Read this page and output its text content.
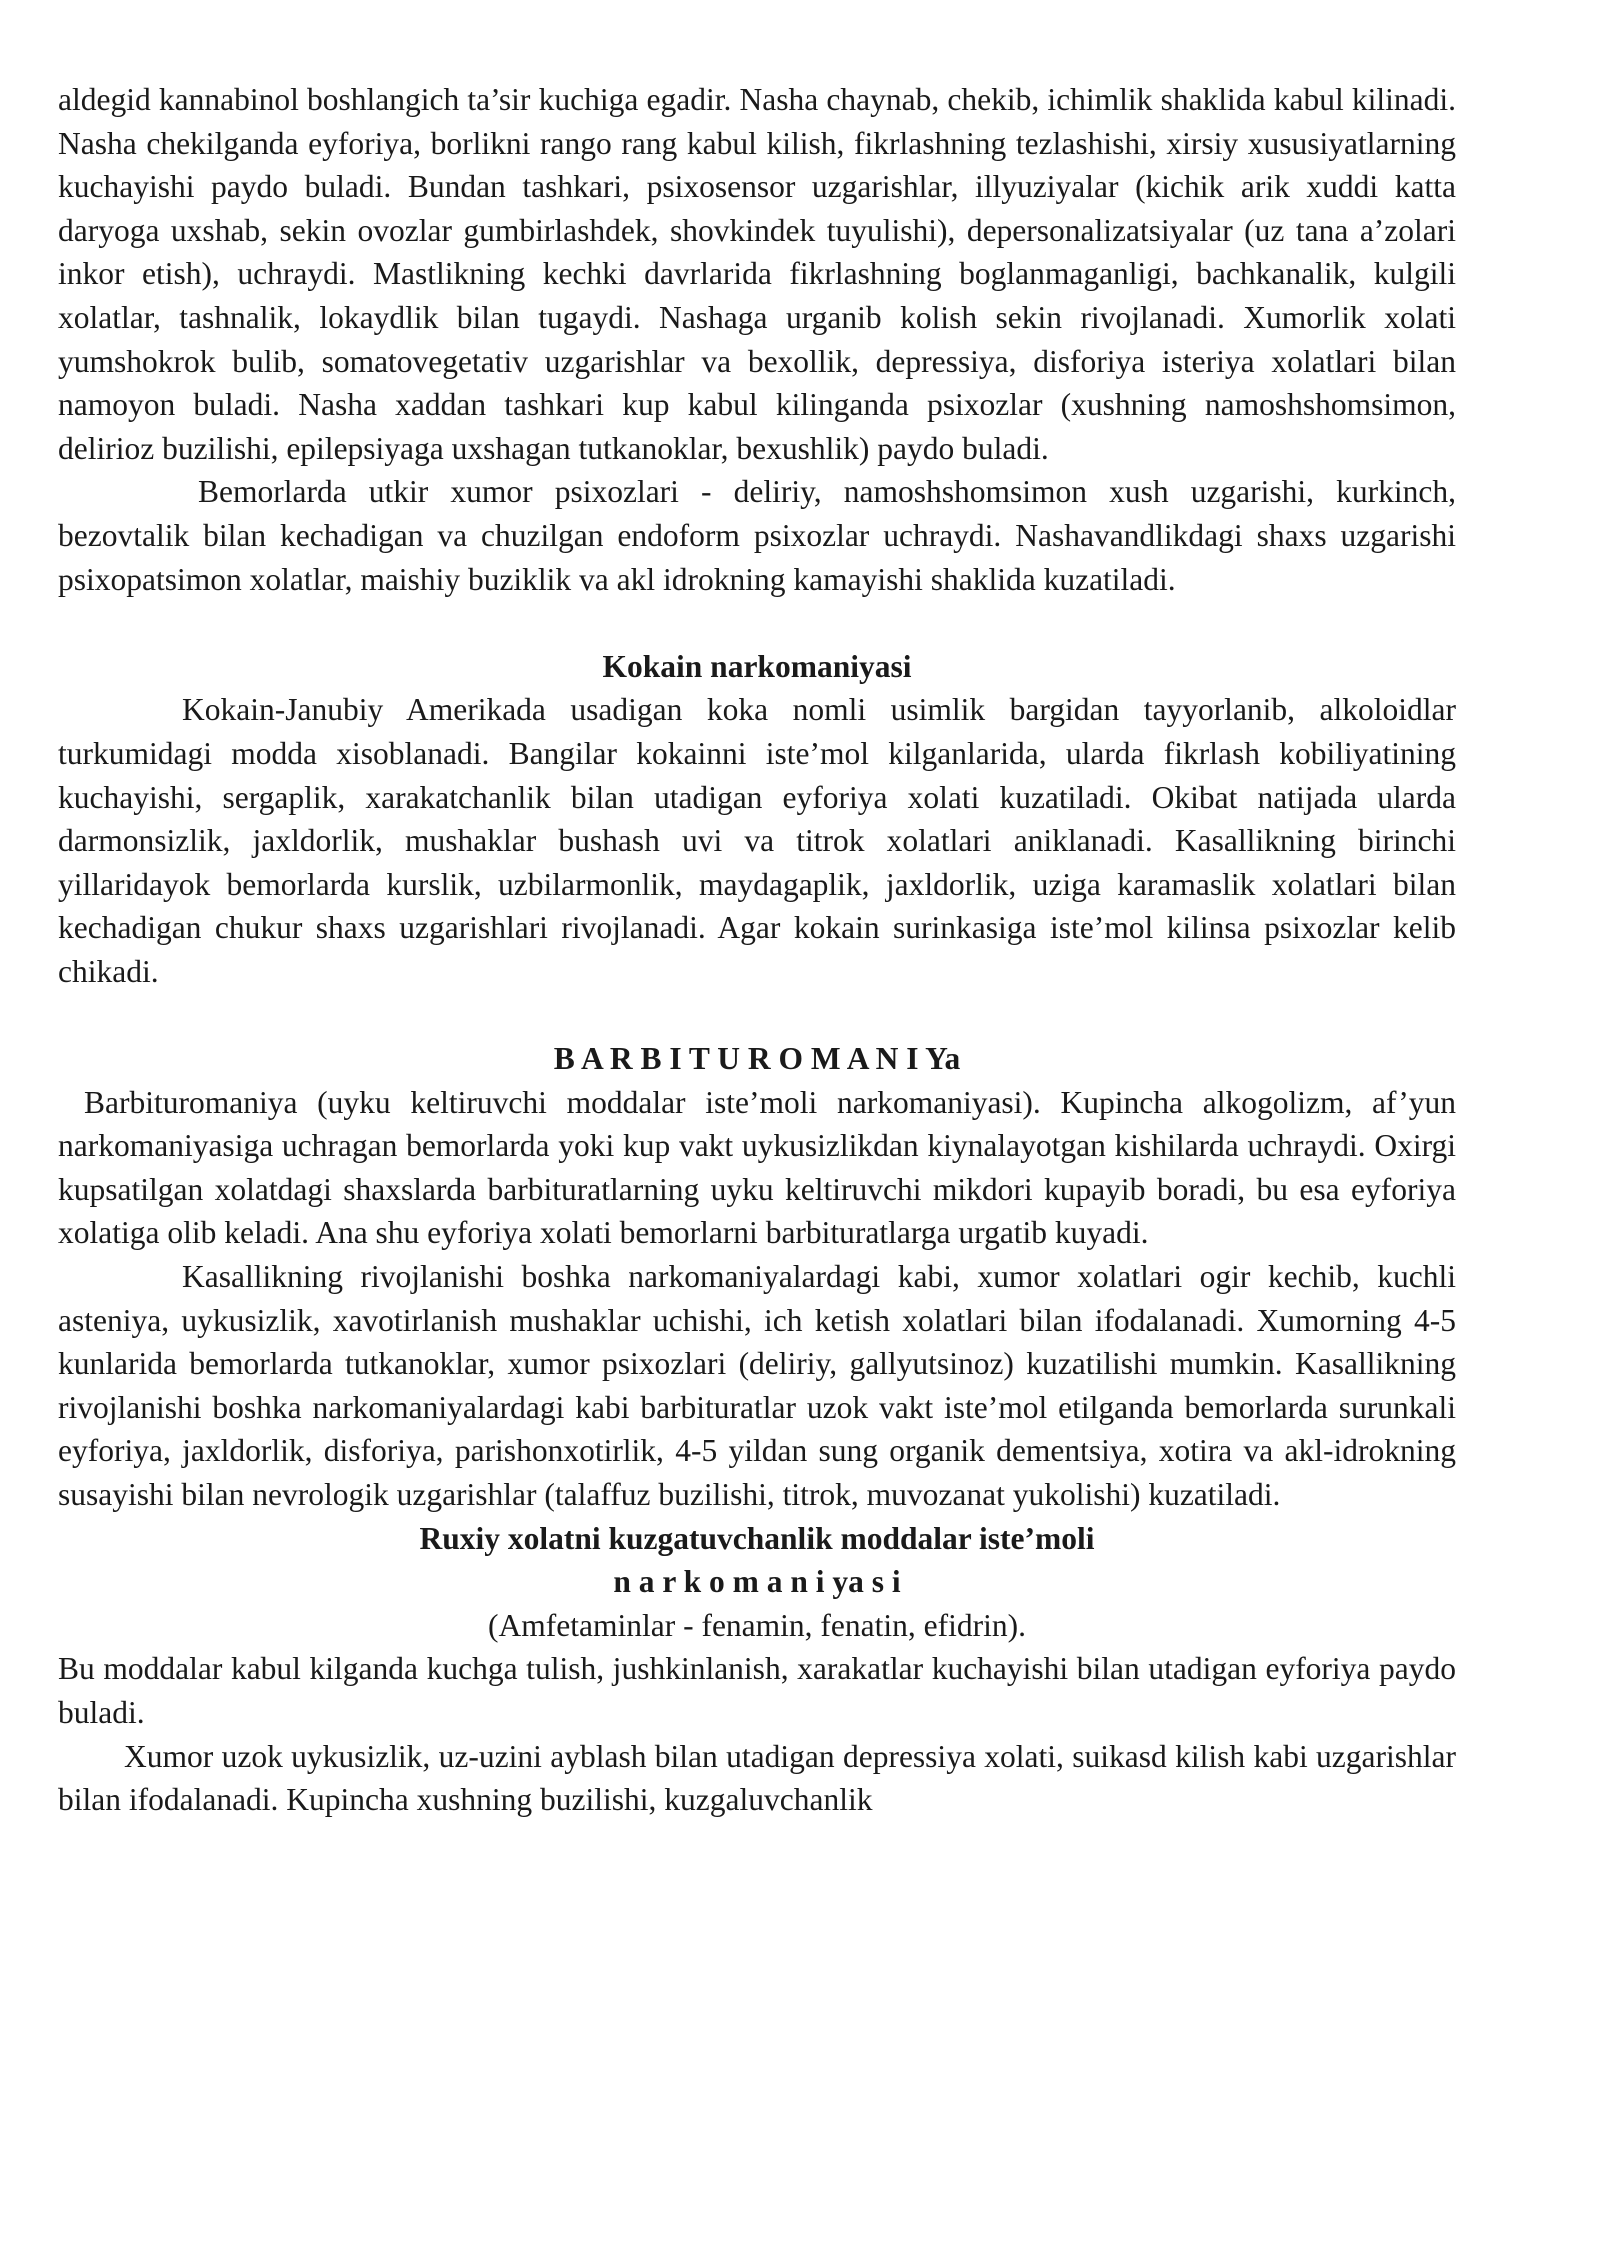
aldegid kannabinol boshlangich ta’sir kuchiga egadir. Nasha chaynab, chekib, ichimlik shaklida kabul kilinadi. Nasha chekilganda eyforiya, borlikni rango rang kabul kilish, fikrlashning tezlashishi, xirsiy xususiyatlarning kuchayishi paydo buladi. Bundan tashkari, psixosensor uzgarishlar, illyuziyalar (kichik arik xuddi katta daryoga uxshab, sekin ovozlar gumbirlashdek, shovkindek tuyulishi), depersonalizatsiyalar (uz tana a’zolari inkor etish), uchraydi. Mastlikning kechki davrlarida fikrlashning boglanmaganligi, bachkanalik, kulgili xolatlar, tashnalik, lokaydlik bilan tugaydi. Nashaga urganib kolish sekin rivojlanadi. Xumorlik xolati yumshokrok bulib, somatovegetativ uzgarishlar va bexollik, depressiya, disforiya isteriya xolatlari bilan namoyon buladi. Nasha xaddan tashkari kup kabul kilinganda psixozlar (xushning namoshshomsimon, delirioz buzilishi, epilepsiyaga uxshagan tutkanoklar, bexushlik) paydo buladi.

Bemorlarda utkir xumor psixozlari - deliriy, namoshshomsimon xush uzgarishi, kurkinch, bezovtalik bilan kechadigan va chuzilgan endoform psixozlar uchraydi. Nashavandlikdagi shaxs uzgarishi psixopatsimon xolatlar, maishiy buziklik va akl idrokning kamayishi shaklida kuzatiladi.

Kokain narkomaniyasi

Kokain-Janubiy Amerikada usadigan koka nomli usimlik bargidan tayyorlanib, alkoloidlar turkumidagi modda xisoblanadi. Bangilar kokainni iste’mol kilganlarida, ularda fikrlash kobiliyatining kuchayishi, sergaplik, xarakatchanlik bilan utadigan eyforiya xolati kuzatiladi. Okibat natijada ularda darmonsizlik, jaxldorlik, mushaklar bushash uvi va titrok xolatlari aniklanadi. Kasallikning birinchi yillaridayok bemorlarda kurslik, uzbilarmonlik, maydagaplik, jaxldorlik, uziga karamaslik xolatlari bilan kechadigan chukur shaxs uzgarishlari rivojlanadi. Agar kokain surinkasiga iste’mol kilinsa psixozlar kelib chikadi.

B A R B I T U R O M A N I Ya

Barbituromaniya (uyku keltiruvchi moddalar iste’moli narkomaniyasi). Kupincha alkogolizm, af’yun narkomaniyasiga uchragan bemorlarda yoki kup vakt uykusizlikdan kiynalayotgan kishilarda uchraydi. Oxirgi kupsatilgan xolatdagi shaxslarda barbituratlarning uyku keltiruvchi mikdori kupayib boradi, bu esa eyforiya xolatiga olib keladi. Ana shu eyforiya xolati bemorlarni barbituratlarga urgatib kuyadi.

Kasallikning rivojlanishi boshka narkomaniyalardagi kabi, xumor xolatlari ogir kechib, kuchli asteniya, uykusizlik, xavotirlanish mushaklar uchishi, ich ketish xolatlari bilan ifodalanadi. Xumorning 4-5 kunlarida bemorlarda tutkanoklar, xumor psixozlari (deliriy, gallyutsinoz) kuzatilishi mumkin. Kasallikning rivojlanishi boshka narkomaniyalardagi kabi barbituratlar uzok vakt iste’mol etilganda bemorlarda surunkali eyforiya, jaxldorlik, disforiya, parishonxotirlik, 4-5 yildan sung organik dementsiya, xotira va akl-idrokning susayishi bilan nevrologik uzgarishlar (talaffuz buzilishi, titrok, muvozanat yukolishi) kuzatiladi.

Ruxiy xolatni kuzgatuvchanlik moddalar iste’moli

n a r k o m a n i ya s i

(Amfetaminlar - fenamin, fenatin, efidrin).

Bu moddalar kabul kilganda kuchga tulish, jushkinlanish, xarakatlar kuchayishi bilan utadigan eyforiya paydo buladi.

Xumor uzok uykusizlik, uz-uzini ayblash bilan utadigan depressiya xolati, suikasd kilish kabi uzgarishlar bilan ifodalanadi. Kupincha xushning buzilishi, kuzgaluvchanlik
